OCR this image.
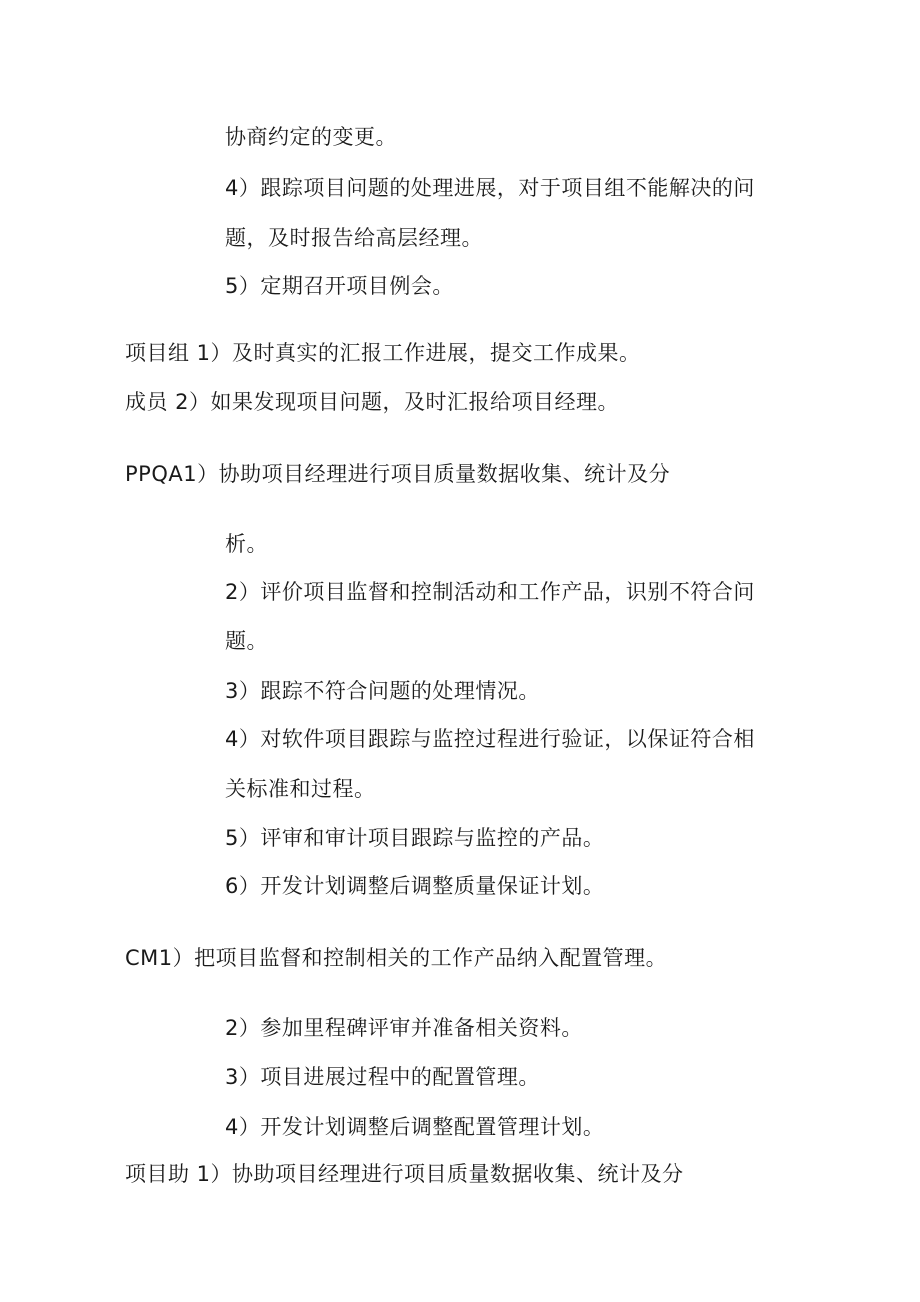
协商约定的变更。
4）跟踪项目问题的处理进展，对于项目组不能解决的问
题，及时报告给高层经理。
5）定期召开项目例会。
项目组 1）及时真实的汇报工作进展，提交工作成果。
成员 2）如果发现项目问题，及时汇报给项目经理。
PPQA1）协助项目经理进行项目质量数据收集、统计及分
析。
2）评价项目监督和控制活动和工作产品，识别不符合问
题。
3）跟踪不符合问题的处理情况。
4）对软件项目跟踪与监控过程进行验证，以保证符合相
关标准和过程。
5）评审和审计项目跟踪与监控的产品。
6）开发计划调整后调整质量保证计划。
CM1）把项目监督和控制相关的工作产品纳入配置管理。
2）参加里程碑评审并准备相关资料。
3）项目进展过程中的配置管理。
4）开发计划调整后调整配置管理计划。
项目助 1）协助项目经理进行项目质量数据收集、统计及分
